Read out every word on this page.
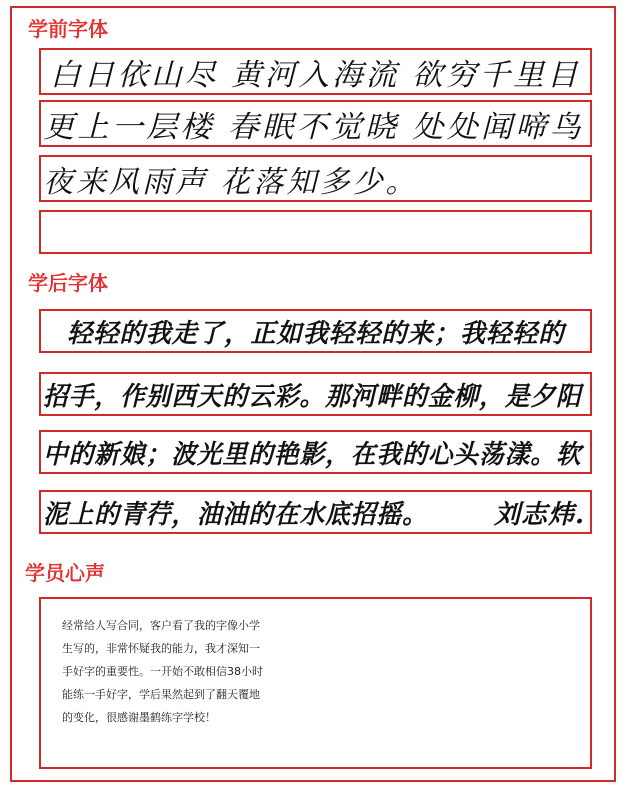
学前字体
白日依山尽 黄河入海流 欲穷千里目
更上一层楼 春眠不觉晓 处处闻啼鸟
夜来风雨声 花落知多少。
学后字体
轻轻的我走了，正如我轻轻的来；我轻轻的
招手，作别西天的云彩。那河畔的金柳，是夕阳
中的新娘；波光里的艳影，在我的心头荡漾。软
泥上的青荇，油油的在水底招摇。	刘志炜.
学员心声
经常给人写合同，客户看了我的字像小学
生写的，非常怀疑我的能力，我才深知一
手好字的重要性。一开始不敢相信38小时
能练一手好字，学后果然起到了翻天覆地
的变化，很感谢墨鹤练字学校！
